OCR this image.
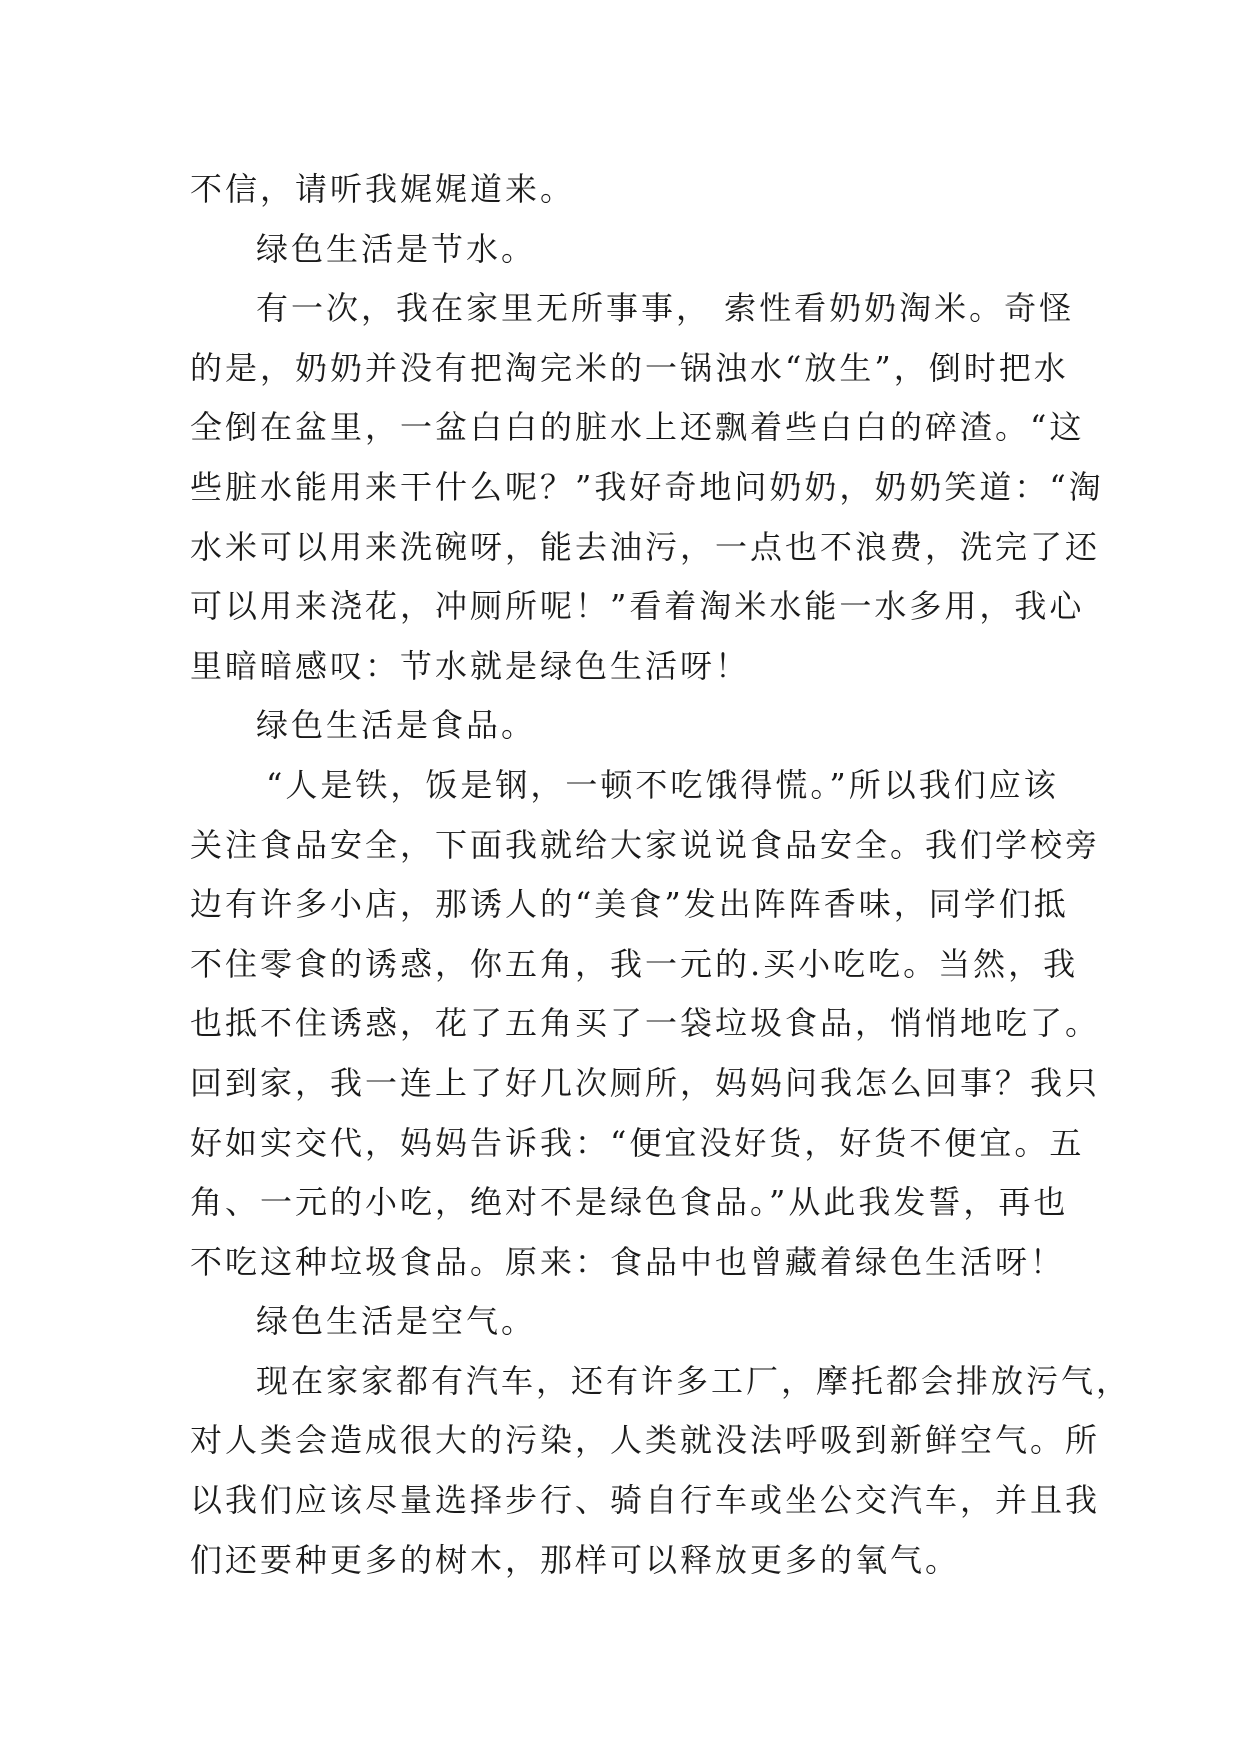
不信，请听我娓娓道来。
绿色生活是节水。
有一次，我在家里无所事事， 索性看奶奶淘米。奇怪
的是，奶奶并没有把淘完米的一锅浊水“放生”，倒时把水
全倒在盆里，一盆白白的脏水上还飘着些白白的碎渣。“这
些脏水能用来干什么呢？”我好奇地问奶奶，奶奶笑道：“淘
水米可以用来洗碗呀，能去油污，一点也不浪费，洗完了还
可以用来浇花，冲厕所呢！”看着淘米水能一水多用，我心
里暗暗感叹：节水就是绿色生活呀！
绿色生活是食品。
“人是铁，饭是钢，一顿不吃饿得慌。”所以我们应该
关注食品安全，下面我就给大家说说食品安全。我们学校旁
边有许多小店，那诱人的“美食”发出阵阵香味，同学们抵
不住零食的诱惑，你五角，我一元的.买小吃吃。当然，我
也抵不住诱惑，花了五角买了一袋垃圾食品，悄悄地吃了。
回到家，我一连上了好几次厕所，妈妈问我怎么回事？我只
好如实交代，妈妈告诉我：“便宜没好货，好货不便宜。五
角、一元的小吃，绝对不是绿色食品。”从此我发誓，再也
不吃这种垃圾食品。原来：食品中也曾藏着绿色生活呀！
绿色生活是空气。
现在家家都有汽车，还有许多工厂，摩托都会排放污气，
对人类会造成很大的污染，人类就没法呼吸到新鲜空气。所
以我们应该尽量选择步行、骑自行车或坐公交汽车，并且我
们还要种更多的树木，那样可以释放更多的氧气。
